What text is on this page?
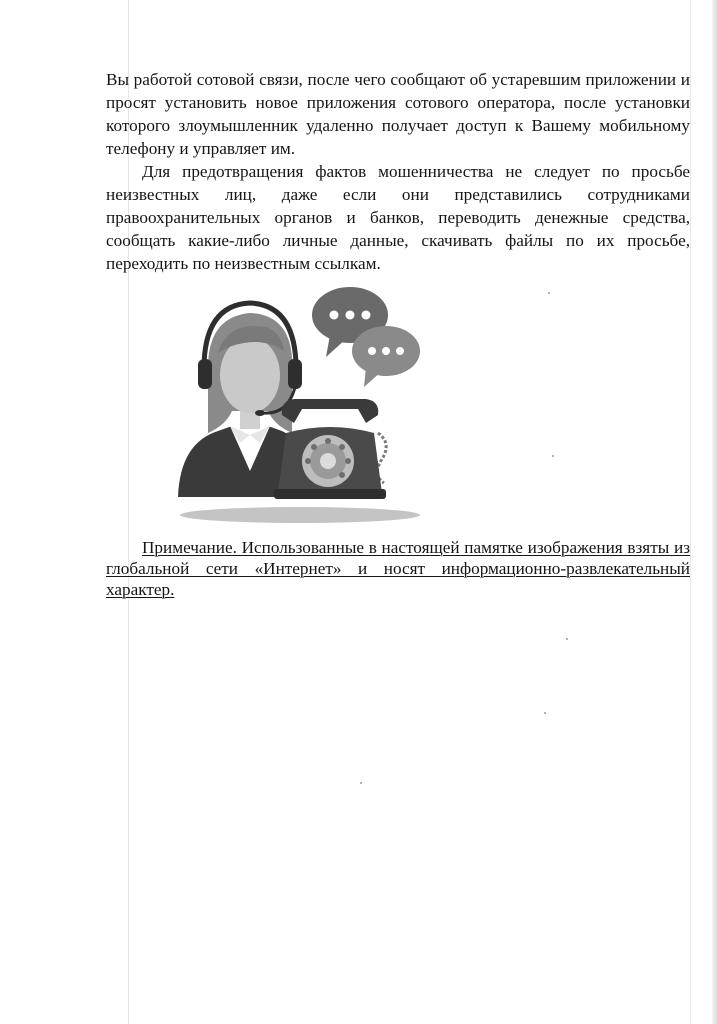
Вы работой сотовой связи, после чего сообщают об устаревшим приложении и просят установить новое приложения сотового оператора, после установки которого злоумышленник удаленно получает доступ к Вашему мобильному телефону и управляет им.

Для предотвращения фактов мошенничества не следует по просьбе неизвестных лиц, даже если они представились сотрудниками правоохранительных органов и банков, переводить денежные средства, сообщать какие-либо личные данные, скачивать файлы по их просьбе, переходить по неизвестным ссылкам.

Примечание. Использованные в настоящей памятке изображения взяты из глобальной сети «Интернет» и носят информационно-развлекательный характер.
